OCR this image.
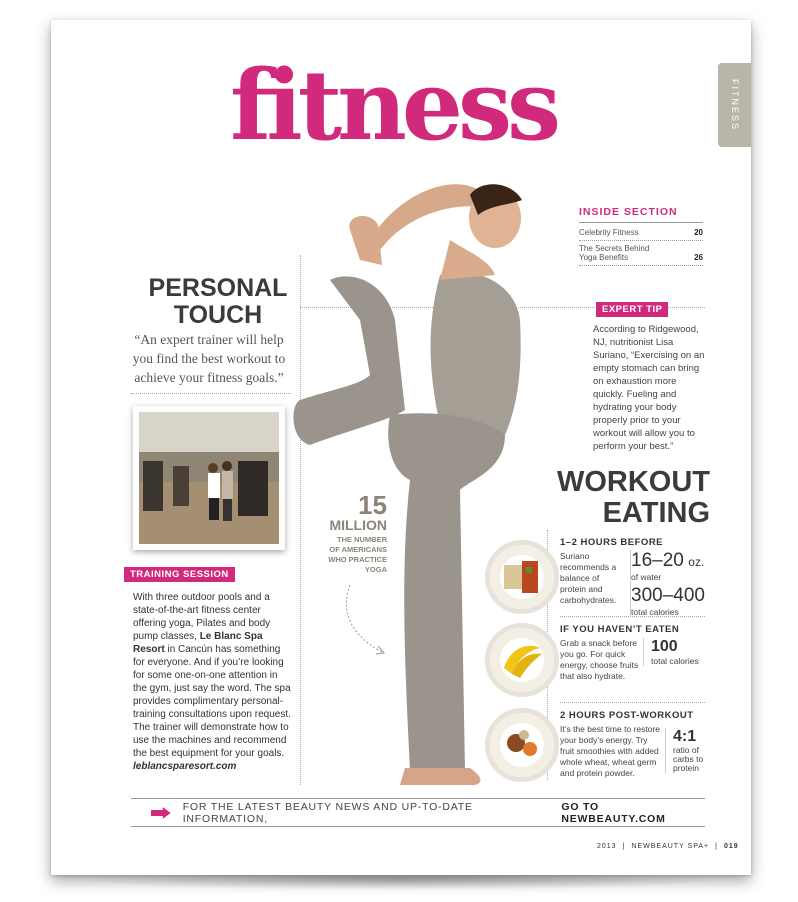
FITNESS
fitness
INSIDE SECTION
Celebrity Fitness	20
The Secrets Behind
Yoga Benefits	26
PERSONAL
TOUCH
“An expert trainer will help you find the best workout to achieve your fitness goals.”
TRAINING SESSION
With three outdoor pools and a state-of-the-art fitness center offering yoga, Pilates and body pump classes, Le Blanc Spa Resort in Cancún has something for everyone. And if you’re looking for some one-on-one attention in the gym, just say the word. The spa provides complimentary personal-training consultations upon request. The trainer will demonstrate how to use the machines and recommend the best equipment for your goals. leblancsparesort.com
EXPERT TIP
According to Ridgewood, NJ, nutritionist Lisa Suriano, “Exercising on an empty stomach can bring on exhaustion more quickly. Fueling and hydrating your body properly prior to your workout will allow you to perform your best.”
15
MILLION
THE NUMBER
OF AMERICANS
WHO PRACTICE
YOGA
WORKOUT
EATING
1–2 HOURS BEFORE
Suriano recommends a balance of protein and carbohydrates.
16–20 oz.
of water
300–400
total calories
IF YOU HAVEN’T EATEN
Grab a snack before you go. For quick energy, choose fruits that also hydrate.
100
total calories
2 HOURS POST-WORKOUT
It’s the best time to restore your body’s energy. Try fruit smoothies with added whole wheat, wheat germ and protein powder.
4:1
ratio of
carbs to
protein
FOR THE LATEST BEAUTY NEWS AND UP-TO-DATE INFORMATION,
GO TO NEWBEAUTY.COM
2013 | NEWBEAUTY SPA+ | 019
